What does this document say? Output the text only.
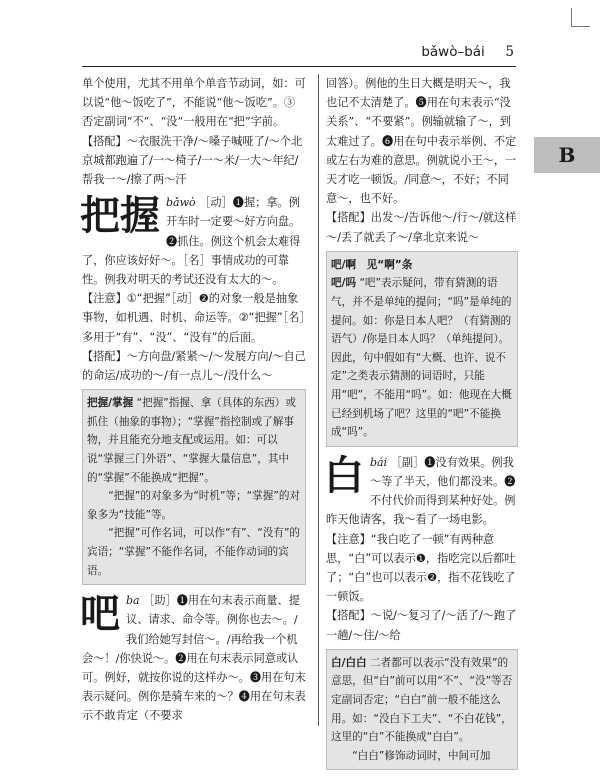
bǎwò–bái 5
B

单个使用，尤其不用单个单音节动词，如：可以说“他～饭吃了”，不能说“他～饭吃”。③否定副词“不”、“没”一般用在“把”字前。

【搭配】～衣服洗干净/～嗓子喊哑了/～个北京城都跑遍了/一～椅子/一～米/一大～年纪/帮我一～/擦了两～汗

把握 bǎwò ［动］❶握；拿。例开车时一定要～好方向盘。❷抓住。例这个机会太难得了，你应该好好～。［名］事情成功的可靠性。例我对明天的考试还没有太大的～。

【注意】①“把握”［动］❷的对象一般是抽象事物，如机遇、时机、命运等。②“把握”［名］多用于“有”、“没”、“没有”的后面。

【搭配】～方向盘/紧紧～/～发展方向/～自己的命运/成功的～/有一点儿～/没什么～

把握/掌握 “把握”指握、拿（具体的东西）或抓住（抽象的事物）；“掌握”指控制或了解事物，并且能充分地支配或运用。如：可以说“掌握三门外语”、“掌握大量信息”，其中的“掌握”不能换成“把握”。

“把握”的对象多为“时机”等；“掌握”的对象多为“技能”等。

“把握”可作名词，可以作“有”、“没有”的宾语；“掌握”不能作名词，不能作动词的宾语。

吧 ba ［助］❶用在句末表示商量、提议、请求、命令等。例你也去～。/我们给她写封信～。/再给我一个机会～！/你快说～。❷用在句末表示同意或认可。例好，就按你说的这样办～。❸用在句末表示疑问。例你是骑车来的～？❹用在句末表示不敢肯定（不要求

回答）。例他的生日大概是明天～，我也记不太清楚了。❺用在句末表示“没关系”、“不要紧”。例输就输了～，到太难过了。❻用在句中表示举例、不定或左右为难的意思。例就说小王～，一天才吃一顿饭。/同意～，不好；不同意～，也不好。

【搭配】出发～/告诉他～/行～/就这样～/丢了就丢了～/拿北京来说～

吧/啊　见“啊”条

吧/吗 “吧”表示疑问，带有猜测的语气，并不是单纯的提问；“吗”是单纯的提问。如：你是日本人吧？（有猜测的语气）/你是日本人吗？（单纯提问）。因此，句中假如有“大概、也许、说不定”之类表示猜测的词语时，只能用“吧”，不能用“吗”。如：他现在大概已经到机场了吧？这里的“吧”不能换成“吗”。

白 bái ［副］❶没有效果。例我～等了半天，他们都没来。❷不付代价而得到某种好处。例昨天他请客，我～看了一场电影。

【注意】“我白吃了一顿”有两种意思，“白”可以表示❶，指吃完以后都吐了；“白”也可以表示❷，指不花钱吃了一顿饭。

【搭配】～说/～复习了/～活了/～跑了一趟/～住/～给

白/白白 二者都可以表示“没有效果”的意思，但“白”前可以用“不”、“没”等否定副词否定；“白白”前一般不能这么用。如：“没白下工夫”、“不白花钱”，这里的“白”不能换成“白白”。

“白白”修饰动词时，中间可加
